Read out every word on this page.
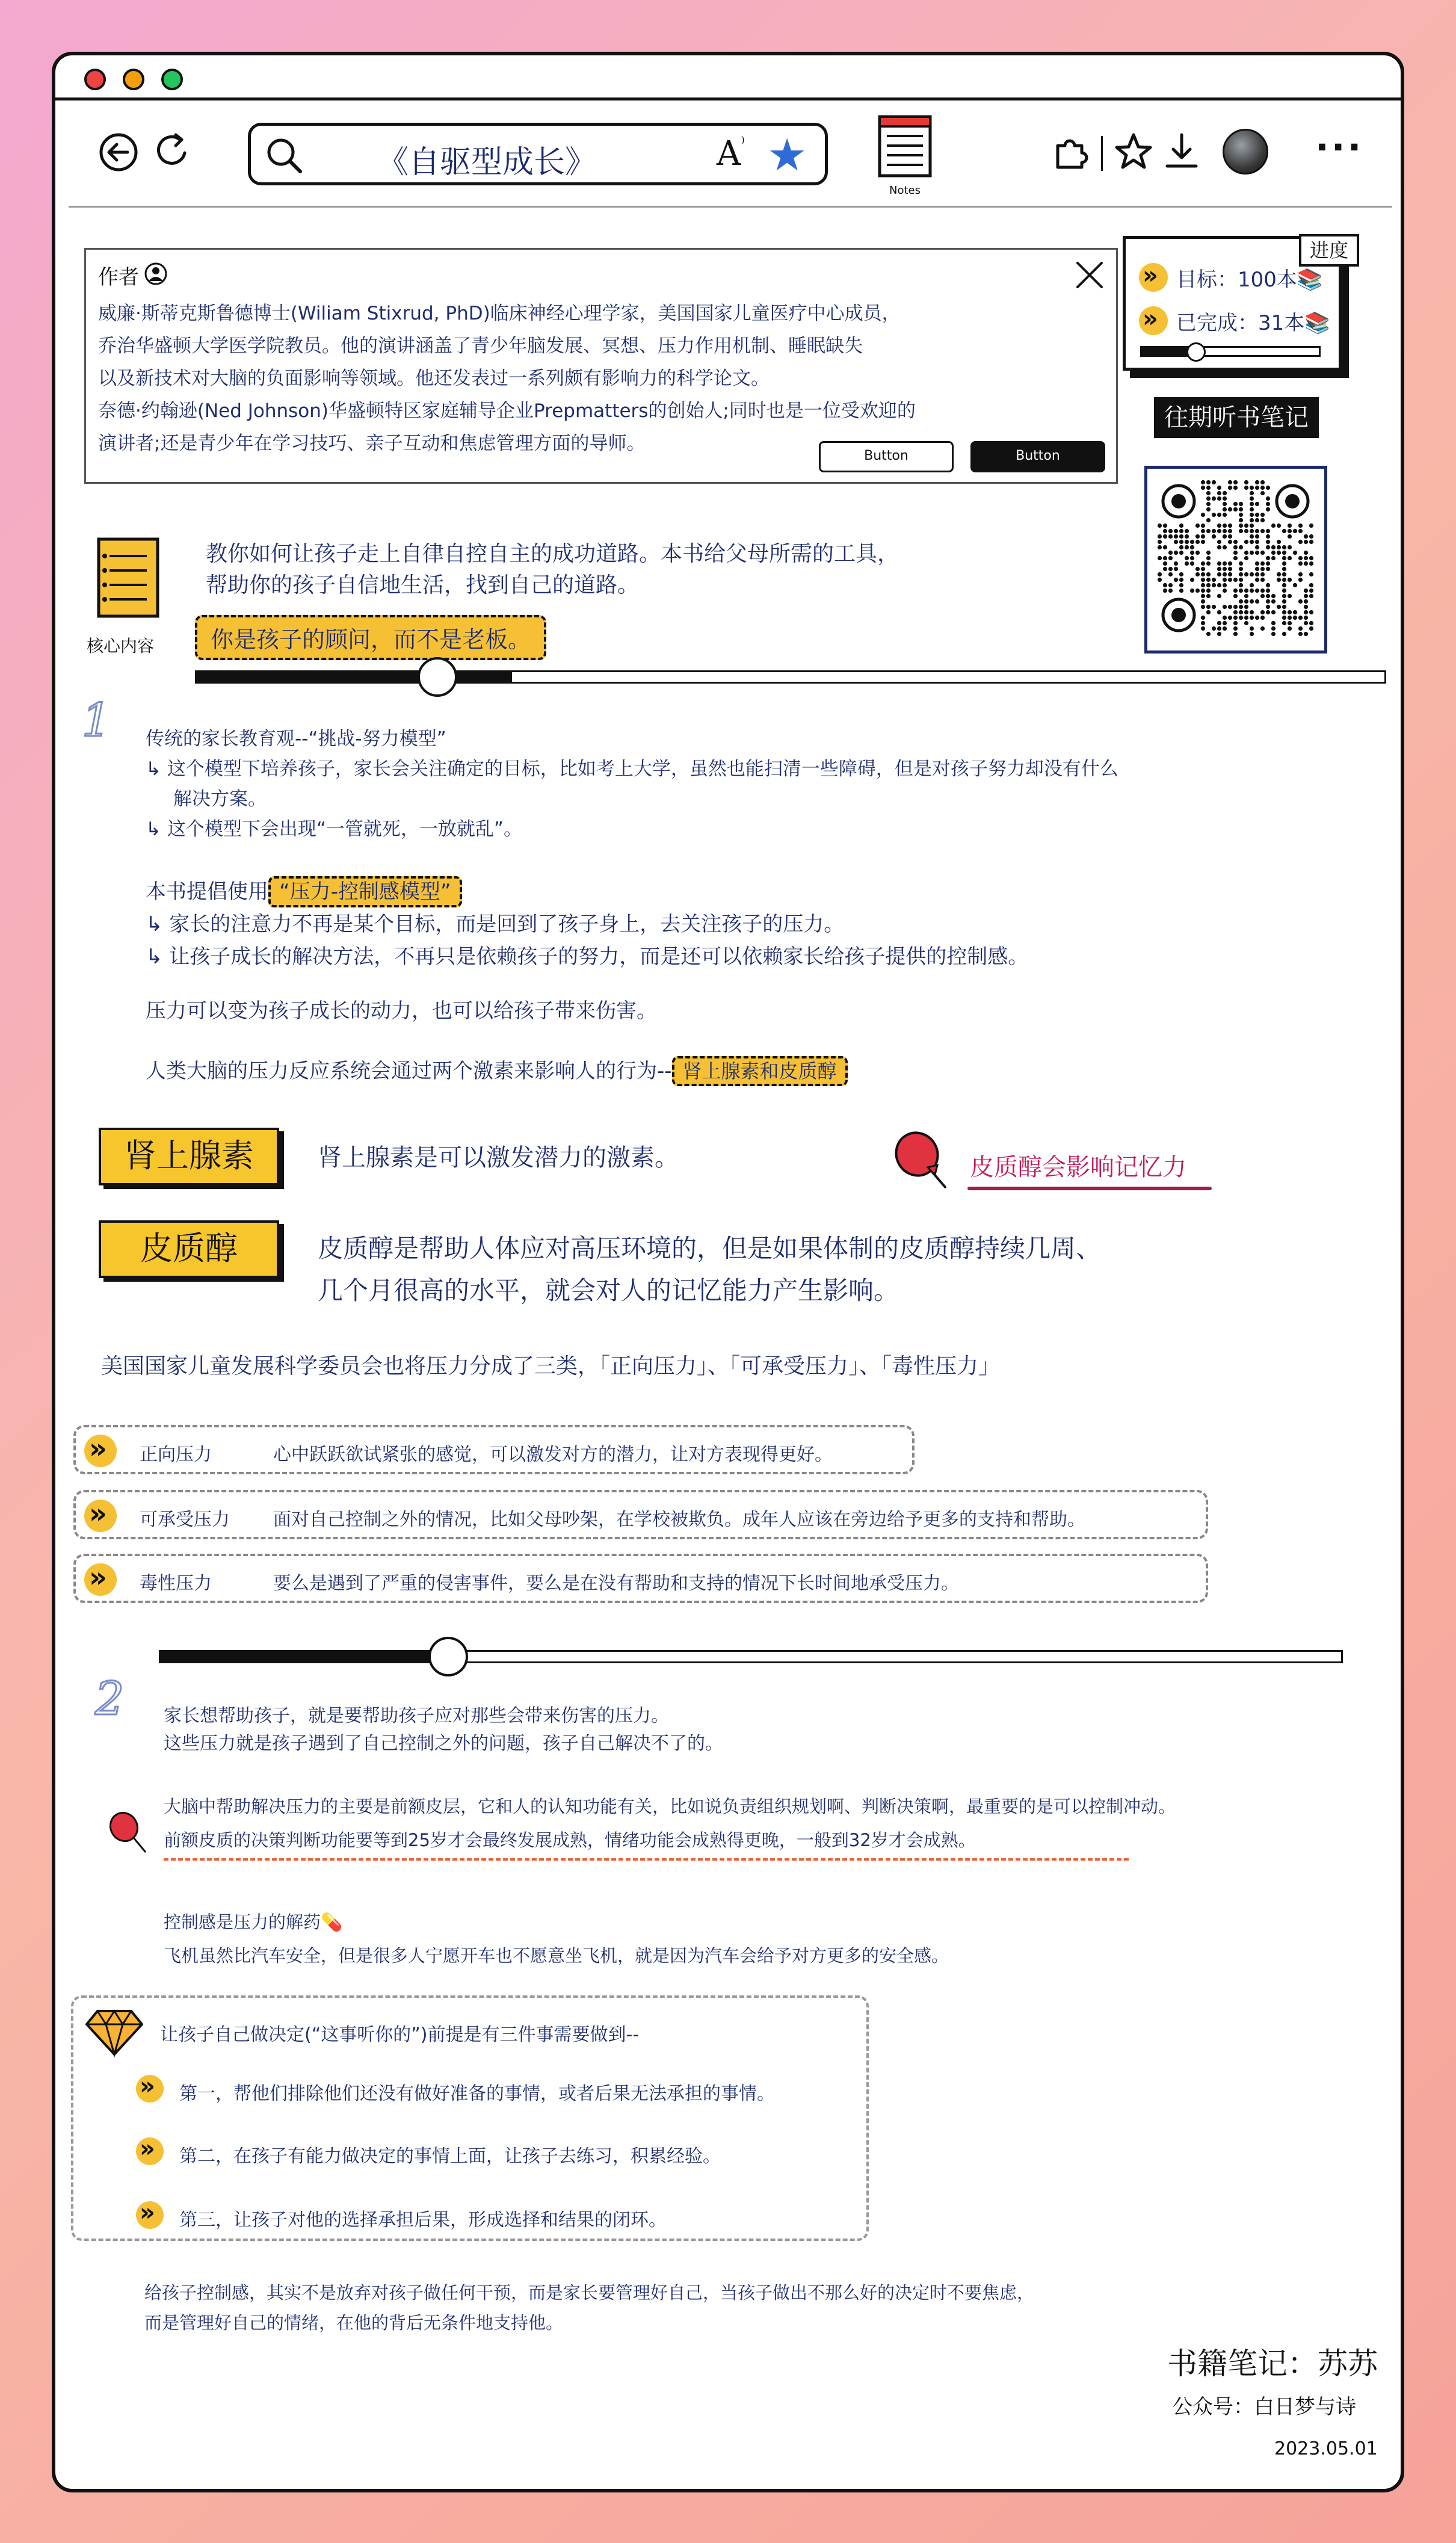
《自驱型成长》	A⁾ ★
Notes
···
作者
威廉·斯蒂克斯鲁德博士(Wiliam Stixrud, PhD)临床神经心理学家，美国国家儿童医疗中心成员，
乔治华盛顿大学医学院教员。他的演讲涵盖了青少年脑发展、冥想、压力作用机制、睡眠缺失
以及新技术对大脑的负面影响等领域。他还发表过一系列颇有影响力的科学论文。
奈德·约翰逊(Ned Johnson)华盛顿特区家庭辅导企业Prepmatters的创始人;同时也是一位受欢迎的
演讲者;还是青少年在学习技巧、亲子互动和焦虑管理方面的导师。
Button	Button
进度
» 目标：100本📚
» 已完成：31本📚
往期听书笔记
核心内容
教你如何让孩子走上自律自控自主的成功道路。本书给父母所需的工具，
帮助你的孩子自信地生活，找到自己的道路。
你是孩子的顾问，而不是老板。
1 传统的家长教育观--“挑战-努力模型”
↳ 这个模型下培养孩子，家长会关注确定的目标，比如考上大学，虽然也能扫清一些障碍，但是对孩子努力却没有什么
解决方案。
↳ 这个模型下会出现“一管就死，一放就乱”。
本书提倡使用 “压力-控制感模型”
↳ 家长的注意力不再是某个目标，而是回到了孩子身上，去关注孩子的压力。
↳ 让孩子成长的解决方法，不再只是依赖孩子的努力，而是还可以依赖家长给孩子提供的控制感。
压力可以变为孩子成长的动力，也可以给孩子带来伤害。
人类大脑的压力反应系统会通过两个激素来影响人的行为-- 肾上腺素和皮质醇
肾上腺素	肾上腺素是可以激发潜力的激素。
皮质醇	皮质醇是帮助人体应对高压环境的，但是如果体制的皮质醇持续几周、
几个月很高的水平，就会对人的记忆能力产生影响。
皮质醇会影响记忆力
美国国家儿童发展科学委员会也将压力分成了三类，「正向压力」、「可承受压力」、「毒性压力」
» 正向压力	心中跃跃欲试紧张的感觉，可以激发对方的潜力，让对方表现得更好。
» 可承受压力 面对自己控制之外的情况，比如父母吵架，在学校被欺负。成年人应该在旁边给予更多的支持和帮助。
» 毒性压力	要么是遇到了严重的侵害事件，要么是在没有帮助和支持的情况下长时间地承受压力。
2 家长想帮助孩子，就是要帮助孩子应对那些会带来伤害的压力。
这些压力就是孩子遇到了自己控制之外的问题，孩子自己解决不了的。
大脑中帮助解决压力的主要是前额皮层，它和人的认知功能有关，比如说负责组织规划啊、判断决策啊，最重要的是可以控制冲动。
前额皮质的决策判断功能要等到25岁才会最终发展成熟，情绪功能会成熟得更晚，一般到32岁才会成熟。
控制感是压力的解药💊
飞机虽然比汽车安全，但是很多人宁愿开车也不愿意坐飞机，就是因为汽车会给予对方更多的安全感。
让孩子自己做决定(“这事听你的”)前提是有三件事需要做到--
» 第一，帮他们排除他们还没有做好准备的事情，或者后果无法承担的事情。
» 第二，在孩子有能力做决定的事情上面，让孩子去练习，积累经验。
» 第三，让孩子对他的选择承担后果，形成选择和结果的闭环。
给孩子控制感，其实不是放弃对孩子做任何干预，而是家长要管理好自己，当孩子做出不那么好的决定时不要焦虑，
而是管理好自己的情绪，在他的背后无条件地支持他。
书籍笔记：苏苏
公众号：白日梦与诗
2023.05.01
